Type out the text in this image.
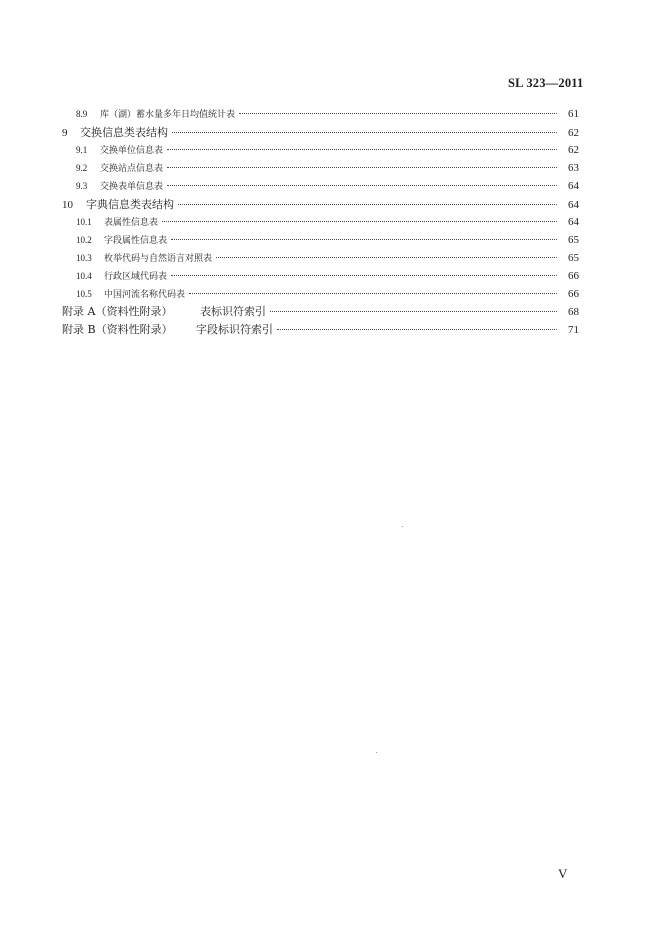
SL 323—2011
8.9	库（湖）蓄水量多年日均值统计表	61
9	交换信息类表结构	62
9.1	交换单位信息表	62
9.2	交换站点信息表	63
9.3	交换表单信息表	64
10	字典信息类表结构	64
10.1	表属性信息表	64
10.2	字段属性信息表	65
10.3	枚举代码与自然语言对照表	65
10.4	行政区域代码表	66
10.5	中国河流名称代码表	66
附录 A（资料性附录）	表标识符索引	68
附录 B（资料性附录）	字段标识符索引	71
V
